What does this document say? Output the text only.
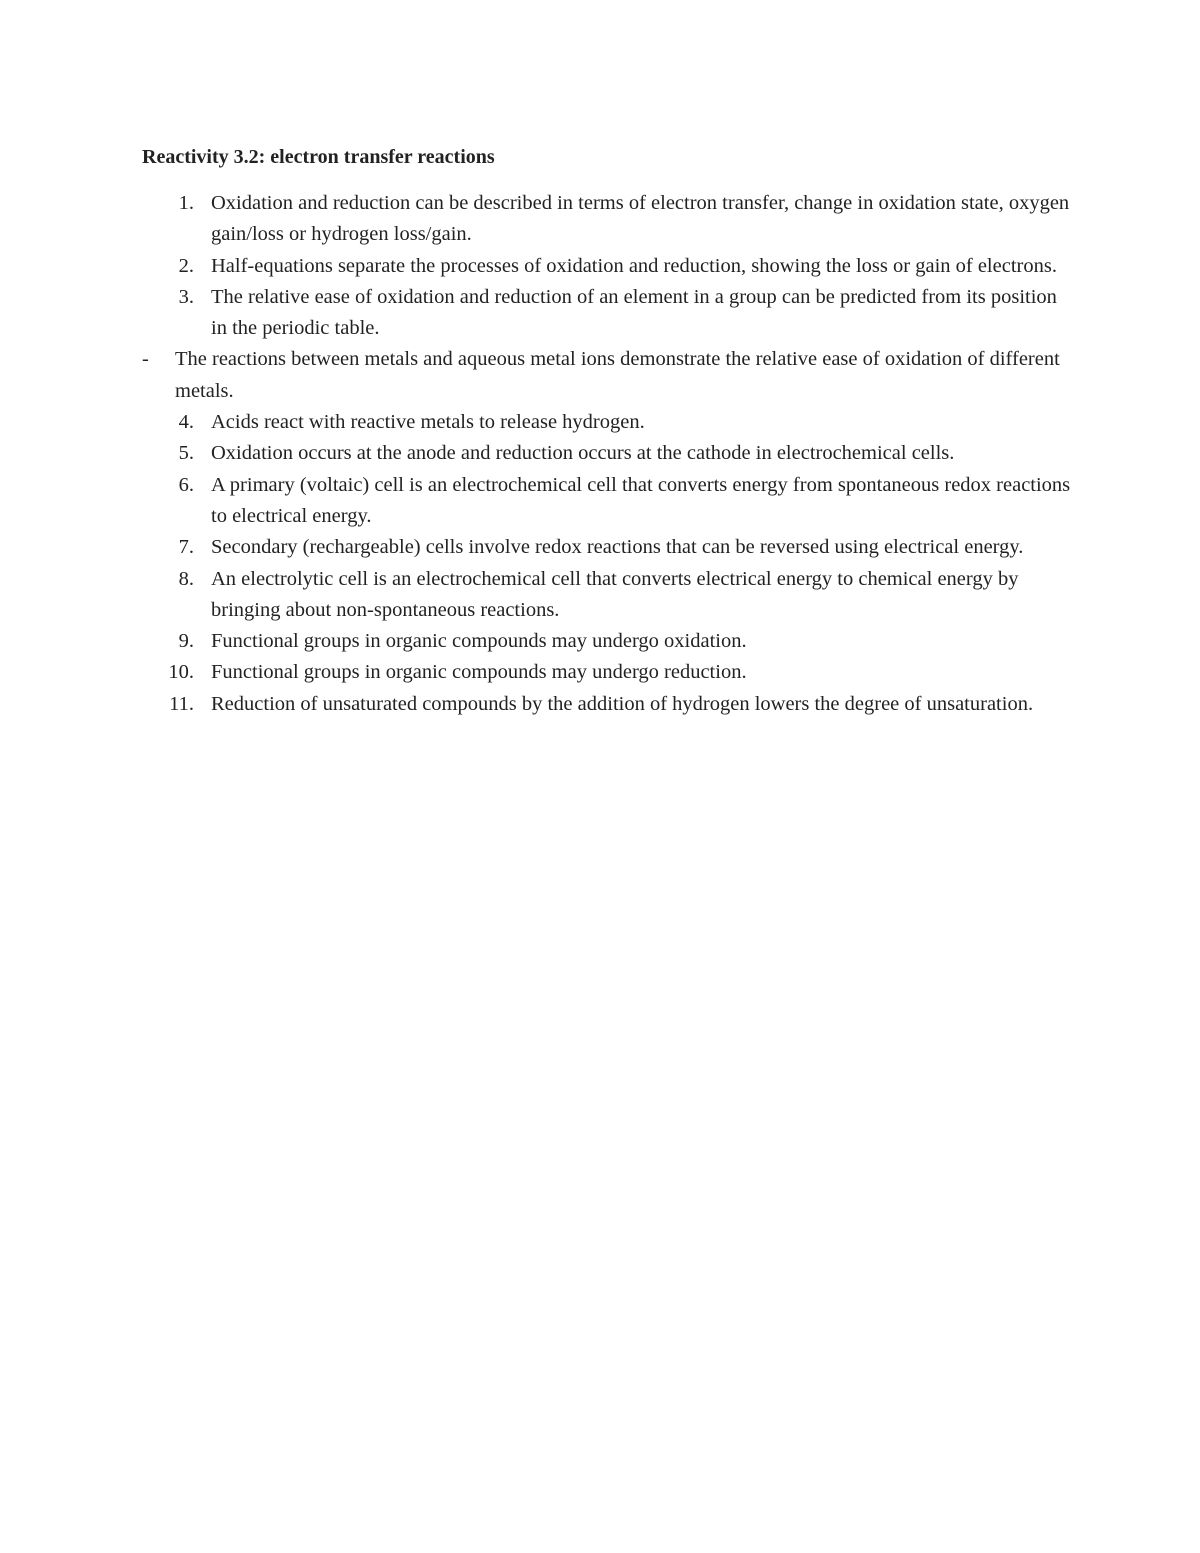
Reactivity 3.2: electron transfer reactions
1. Oxidation and reduction can be described in terms of electron transfer, change in oxidation state, oxygen gain/loss or hydrogen loss/gain.
2. Half-equations separate the processes of oxidation and reduction, showing the loss or gain of electrons.
3. The relative ease of oxidation and reduction of an element in a group can be predicted from its position in the periodic table.
- The reactions between metals and aqueous metal ions demonstrate the relative ease of oxidation of different metals.
4. Acids react with reactive metals to release hydrogen.
5. Oxidation occurs at the anode and reduction occurs at the cathode in electrochemical cells.
6. A primary (voltaic) cell is an electrochemical cell that converts energy from spontaneous redox reactions to electrical energy.
7. Secondary (rechargeable) cells involve redox reactions that can be reversed using electrical energy.
8. An electrolytic cell is an electrochemical cell that converts electrical energy to chemical energy by bringing about non-spontaneous reactions.
9. Functional groups in organic compounds may undergo oxidation.
10. Functional groups in organic compounds may undergo reduction.
11. Reduction of unsaturated compounds by the addition of hydrogen lowers the degree of unsaturation.
